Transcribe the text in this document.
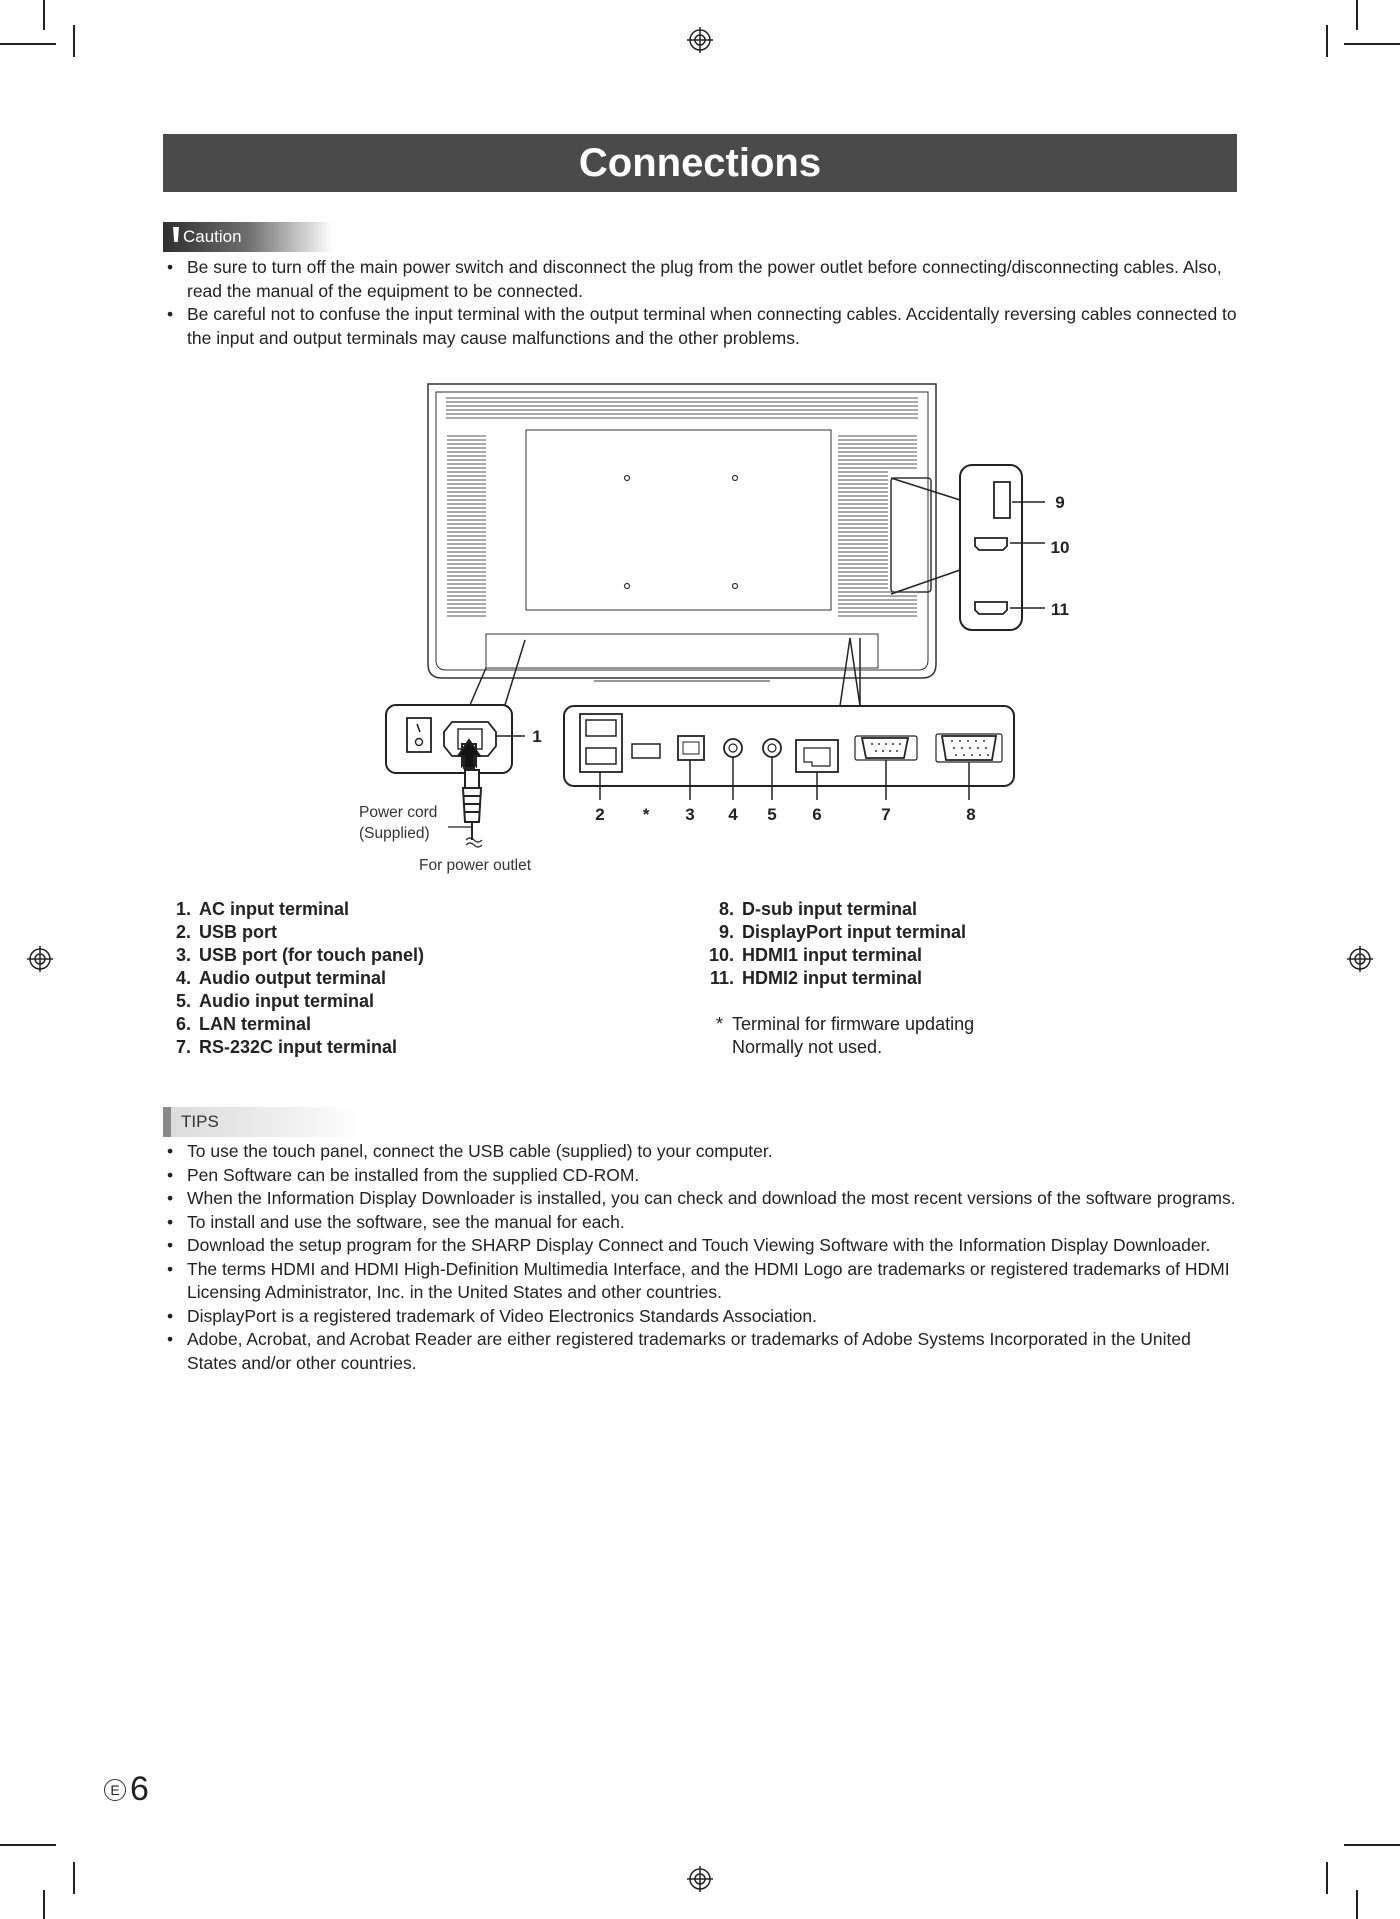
Connections
Caution
• Be sure to turn off the main power switch and disconnect the plug from the power outlet before connecting/disconnecting cables. Also, read the manual of the equipment to be connected.
• Be careful not to confuse the input terminal with the output terminal when connecting cables. Accidentally reversing cables connected to the input and output terminals may cause malfunctions and the other problems.
1
2 * 3 4 5 6	7	8
9
10
11
Power cord
(Supplied)
For power outlet
1. AC input terminal
2. USB port
3. USB port (for touch panel)
4. Audio output terminal
5. Audio input terminal
6. LAN terminal
7. RS-232C input terminal
8. D-sub input terminal
9. DisplayPort input terminal
10. HDMI1 input terminal
11. HDMI2 input terminal
* Terminal for firmware updating
Normally not used.
TIPS
• To use the touch panel, connect the USB cable (supplied) to your computer.
• Pen Software can be installed from the supplied CD-ROM.
• When the Information Display Downloader is installed, you can check and download the most recent versions of the software programs.
• To install and use the software, see the manual for each.
• Download the setup program for the SHARP Display Connect and Touch Viewing Software with the Information Display Downloader.
• The terms HDMI and HDMI High-Definition Multimedia Interface, and the HDMI Logo are trademarks or registered trademarks of HDMI Licensing Administrator, Inc. in the United States and other countries.
• DisplayPort is a registered trademark of Video Electronics Standards Association.
• Adobe, Acrobat, and Acrobat Reader are either registered trademarks or trademarks of Adobe Systems Incorporated in the United States and/or other countries.
E 6
